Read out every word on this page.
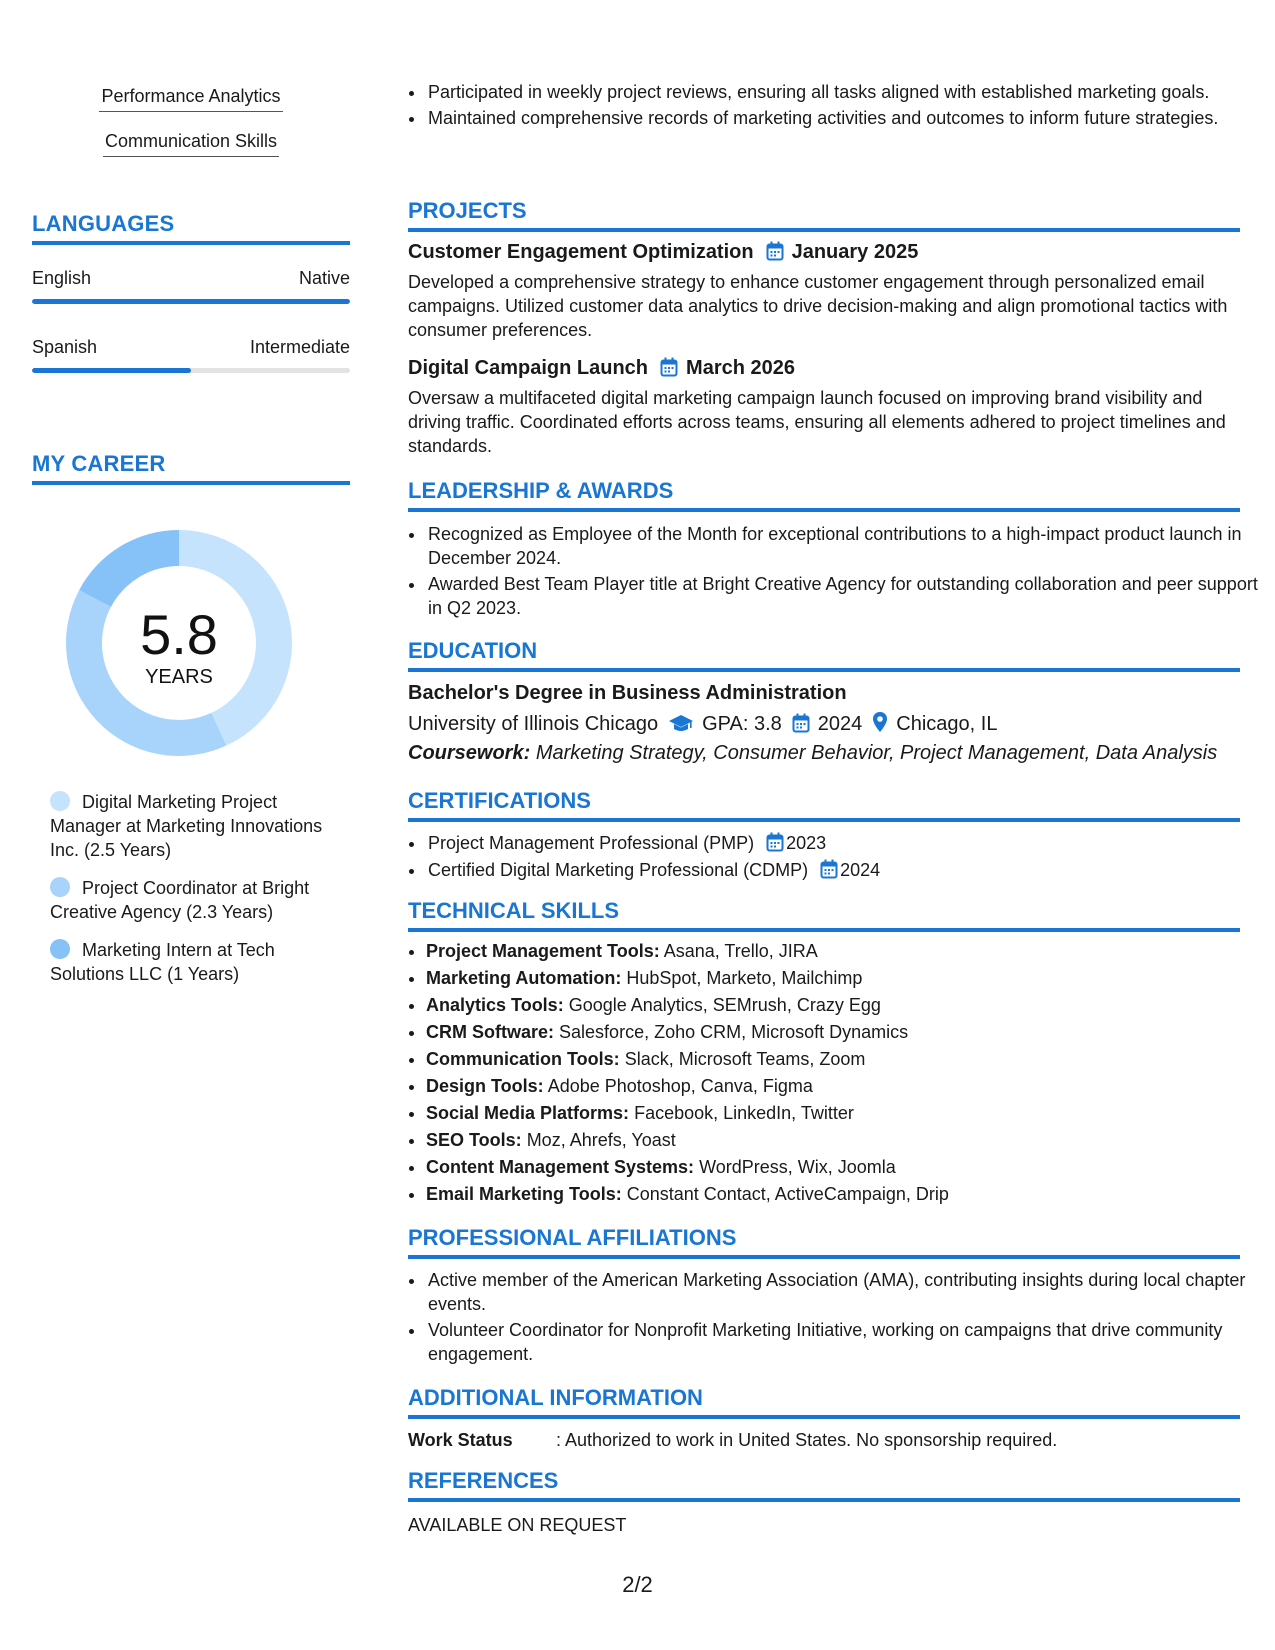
Performance Analytics
Communication Skills
LANGUAGES
English	Native
Spanish	Intermediate
MY CAREER
5.8
YEARS
Digital Marketing Project Manager at Marketing Innovations Inc. (2.5 Years)
Project Coordinator at Bright Creative Agency (2.3 Years)
Marketing Intern at Tech Solutions LLC (1 Years)
• Participated in weekly project reviews, ensuring all tasks aligned with established marketing goals.
• Maintained comprehensive records of marketing activities and outcomes to inform future strategies.
PROJECTS
Customer Engagement Optimization January 2025
Developed a comprehensive strategy to enhance customer engagement through personalized email campaigns. Utilized customer data analytics to drive decision-making and align promotional tactics with consumer preferences.
Digital Campaign Launch March 2026
Oversaw a multifaceted digital marketing campaign launch focused on improving brand visibility and driving traffic. Coordinated efforts across teams, ensuring all elements adhered to project timelines and standards.
LEADERSHIP & AWARDS
• Recognized as Employee of the Month for exceptional contributions to a high-impact product launch in December 2024.
• Awarded Best Team Player title at Bright Creative Agency for outstanding collaboration and peer support in Q2 2023.
EDUCATION
Bachelor's Degree in Business Administration
University of Illinois Chicago GPA: 3.8 2024 Chicago, IL
Coursework: Marketing Strategy, Consumer Behavior, Project Management, Data Analysis
CERTIFICATIONS
• Project Management Professional (PMP) 2023
• Certified Digital Marketing Professional (CDMP) 2024
TECHNICAL SKILLS
• Project Management Tools: Asana, Trello, JIRA
• Marketing Automation: HubSpot, Marketo, Mailchimp
• Analytics Tools: Google Analytics, SEMrush, Crazy Egg
• CRM Software: Salesforce, Zoho CRM, Microsoft Dynamics
• Communication Tools: Slack, Microsoft Teams, Zoom
• Design Tools: Adobe Photoshop, Canva, Figma
• Social Media Platforms: Facebook, LinkedIn, Twitter
• SEO Tools: Moz, Ahrefs, Yoast
• Content Management Systems: WordPress, Wix, Joomla
• Email Marketing Tools: Constant Contact, ActiveCampaign, Drip
PROFESSIONAL AFFILIATIONS
• Active member of the American Marketing Association (AMA), contributing insights during local chapter events.
• Volunteer Coordinator for Nonprofit Marketing Initiative, working on campaigns that drive community engagement.
ADDITIONAL INFORMATION
Work Status : Authorized to work in United States. No sponsorship required.
REFERENCES
AVAILABLE ON REQUEST
2/2
